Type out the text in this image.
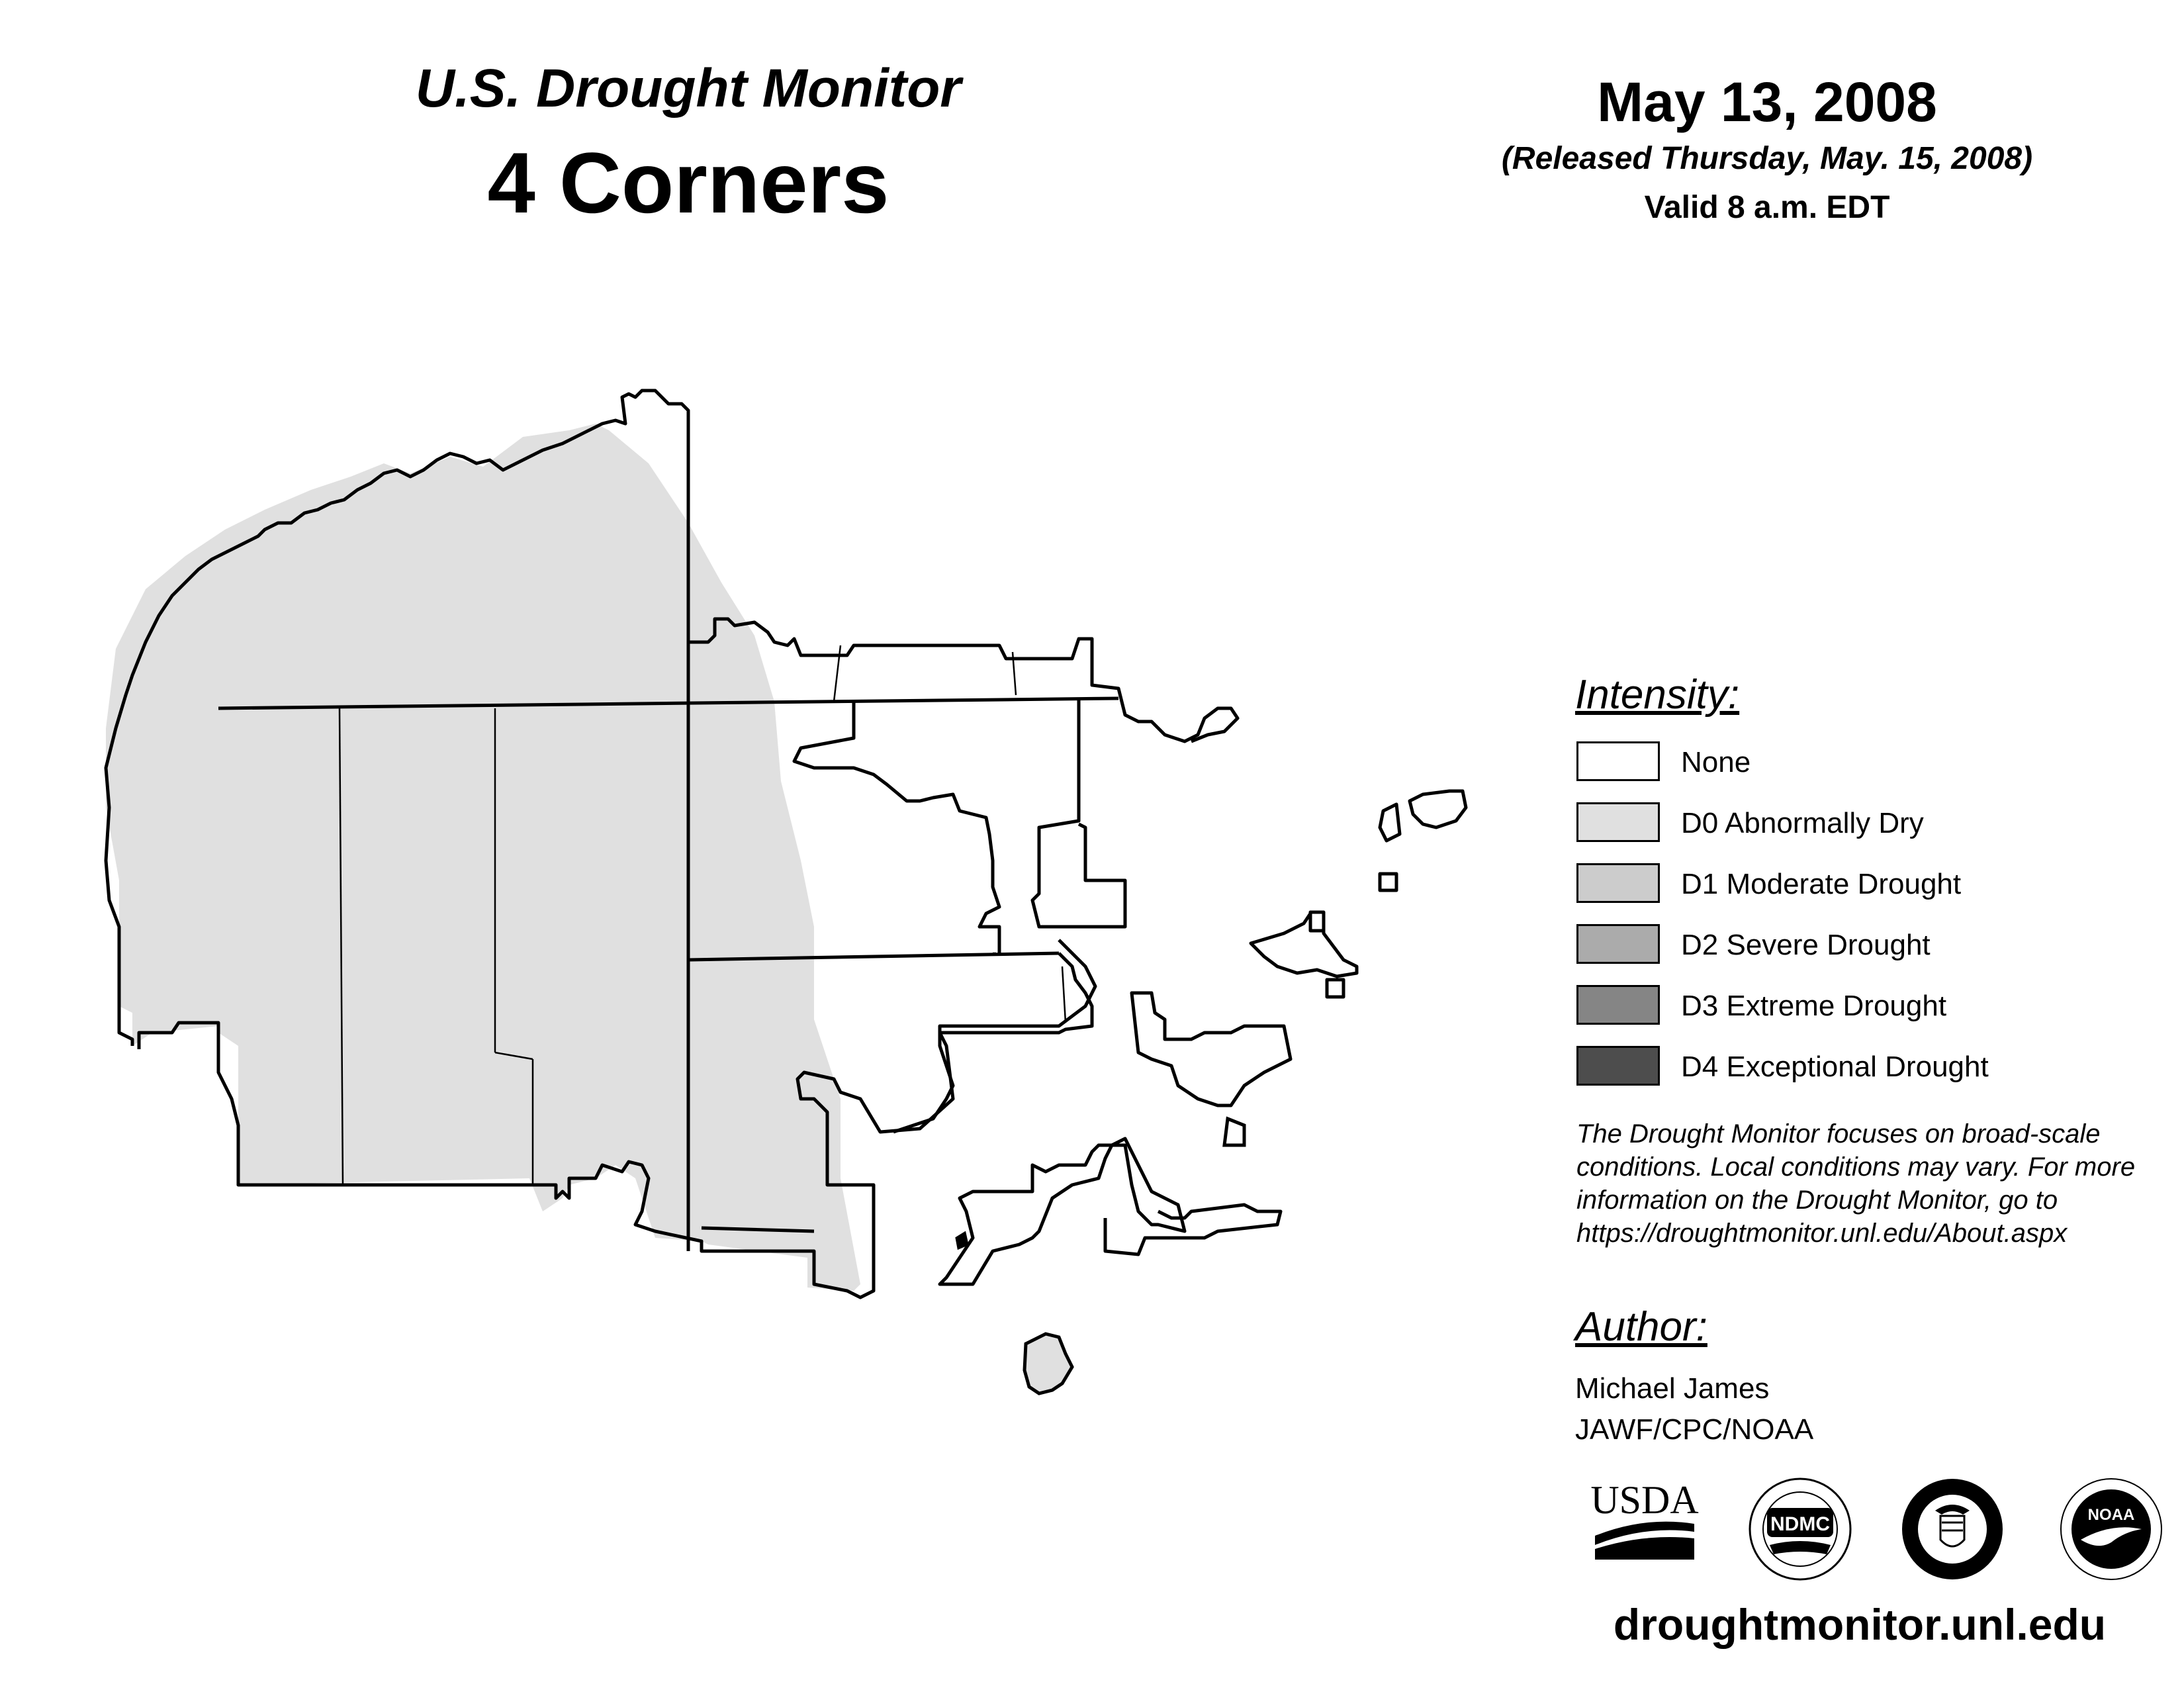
U.S. Drought Monitor
4 Corners
May 13, 2008
(Released Thursday, May. 15, 2008)
Valid 8 a.m. EDT
Intensity:
None
D0 Abnormally Dry
D1 Moderate Drought
D2 Severe Drought
D3 Extreme Drought
D4 Exceptional Drought
The Drought Monitor focuses on broad-scale
conditions. Local conditions may vary. For more
information on the Drought Monitor, go to
https://droughtmonitor.unl.edu/About.aspx
Author:
Michael James
JAWF/CPC/NOAA
USDA
NDMC	NOAA
droughtmonitor.unl.edu
